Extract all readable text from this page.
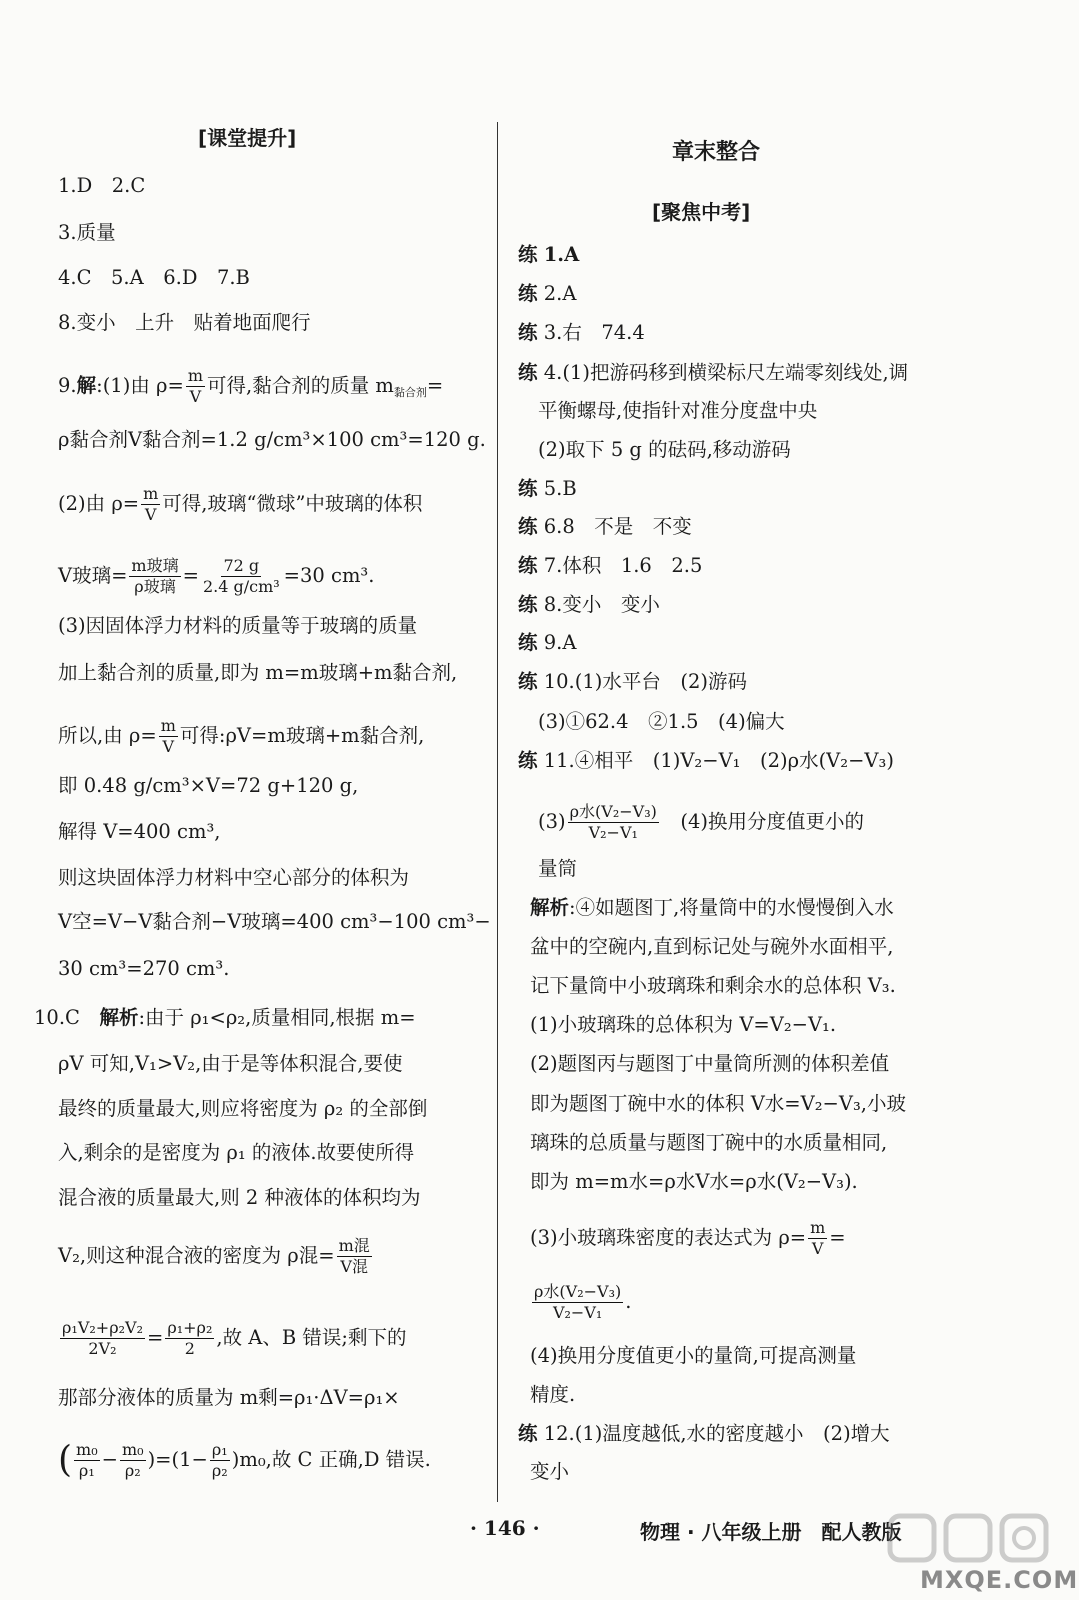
[课堂提升]
1.D　2.C
3.质量
4.C　5.A　6.D　7.B
8.变小　上升　贴着地面爬行
9.解:(1)由 $\rho= \frac{m}{V}$ 可得,黏合剂的质量 $m_{黏合剂}=$
ρ黏合剂V黏合剂=1.2 g/cm³×100 cm³=120 g.
(2)由 $\rho= \frac{m}{V}$ 可得,玻璃“微球”中玻璃的体积
V玻璃= $\frac{\text{m玻璃}}{\text{ρ玻璃}} = \frac{72 g}{\text{2.4 g/cm³}} =30$ cm³.
(3)因固体浮力材料的质量等于玻璃的质量
加上黏合剂的质量,即为 m=m玻璃+m黏合剂,
所以,由 $\rho= \frac{m}{V}$ 可得:ρV=m玻璃+m黏合剂,
即 0.48 g/cm³×V=72 g+120 g,
解得 V=400 cm³,
则这块固体浮力材料中空心部分的体积为
V空=V−V黏合剂−V玻璃=400 cm³−100 cm³−
30 cm³=270 cm³.
10.C　解析:由于 ρ₁<ρ₂,质量相同,根据 m=
ρV 可知,V₁>V₂,由于是等体积混合,要使
最终的质量最大,则应将密度为 ρ₂ 的全部倒
入,剩余的是密度为 ρ₁ 的液体.故要使所得
混合液的质量最大,则 2 种液体的体积均为
V₂,则这种混合液的密度为 ρ混= $\frac{\text{m混}}{\text{V混}}$
$\frac{\text{ρ₁V₂+ρ₂V₂}}{\text{2V₂}} = \frac{\text{ρ₁+ρ₂}}{2}$ ,故 A、B 错误;剩下的
那部分液体的质量为 m剩=ρ₁·ΔV=ρ₁×
( $\frac{\text{m₀}}{\text{ρ₁}} - \frac{\text{m₀}}{\text{ρ₂}} )=(1- \frac{\text{ρ₁}}{\text{ρ₂}} )m_0$,故 C 正确,D 错误.
章末整合
[聚焦中考]
练 1.A
练 2.A
练 3.右　74.4
练 4.(1)把游码移到横梁标尺左端零刻线处,调
平衡螺母,使指针对准分度盘中央
(2)取下 5 g 的砝码,移动游码
练 5.B
练 6.8　不是　不变
练 7.体积　1.6　2.5
练 8.变小　变小
练 9.A
练 10.(1)水平台　(2)游码
(3)①62.4　②1.5　(4)偏大
练 11.④相平　(1)V₂−V₁　(2)ρ水(V₂−V₃)
$(3) \frac{\text{ρ水(V₂−V₃)}}{\text{V₂−V₁}}$ 　(4)换用分度值更小的
量筒
解析:④如题图丁,将量筒中的水慢慢倒入水
盆中的空碗内,直到标记处与碗外水面相平,
记下量筒中小玻璃珠和剩余水的总体积 V₃.
(1)小玻璃珠的总体积为 V=V₂−V₁.
(2)题图丙与题图丁中量筒所测的体积差值
即为题图丁碗中水的体积 V水=V₂−V₃,小玻
璃珠的总质量与题图丁碗中的水质量相同,
即为 m=m水=ρ水V水=ρ水(V₂−V₃).
(3)小玻璃珠密度的表达式为 $\rho= \frac{m}{V}$ =
$\frac{\text{ρ水(V₂−V₃)}}{\text{V₂−V₁}}$ .
(4)换用分度值更小的量筒,可提高测量
精度.
练 12.(1)温度越低,水的密度越小　(2)增大
变小
· 146 ·	物理 · 八年级上册　配人教版
MXQE.COM
